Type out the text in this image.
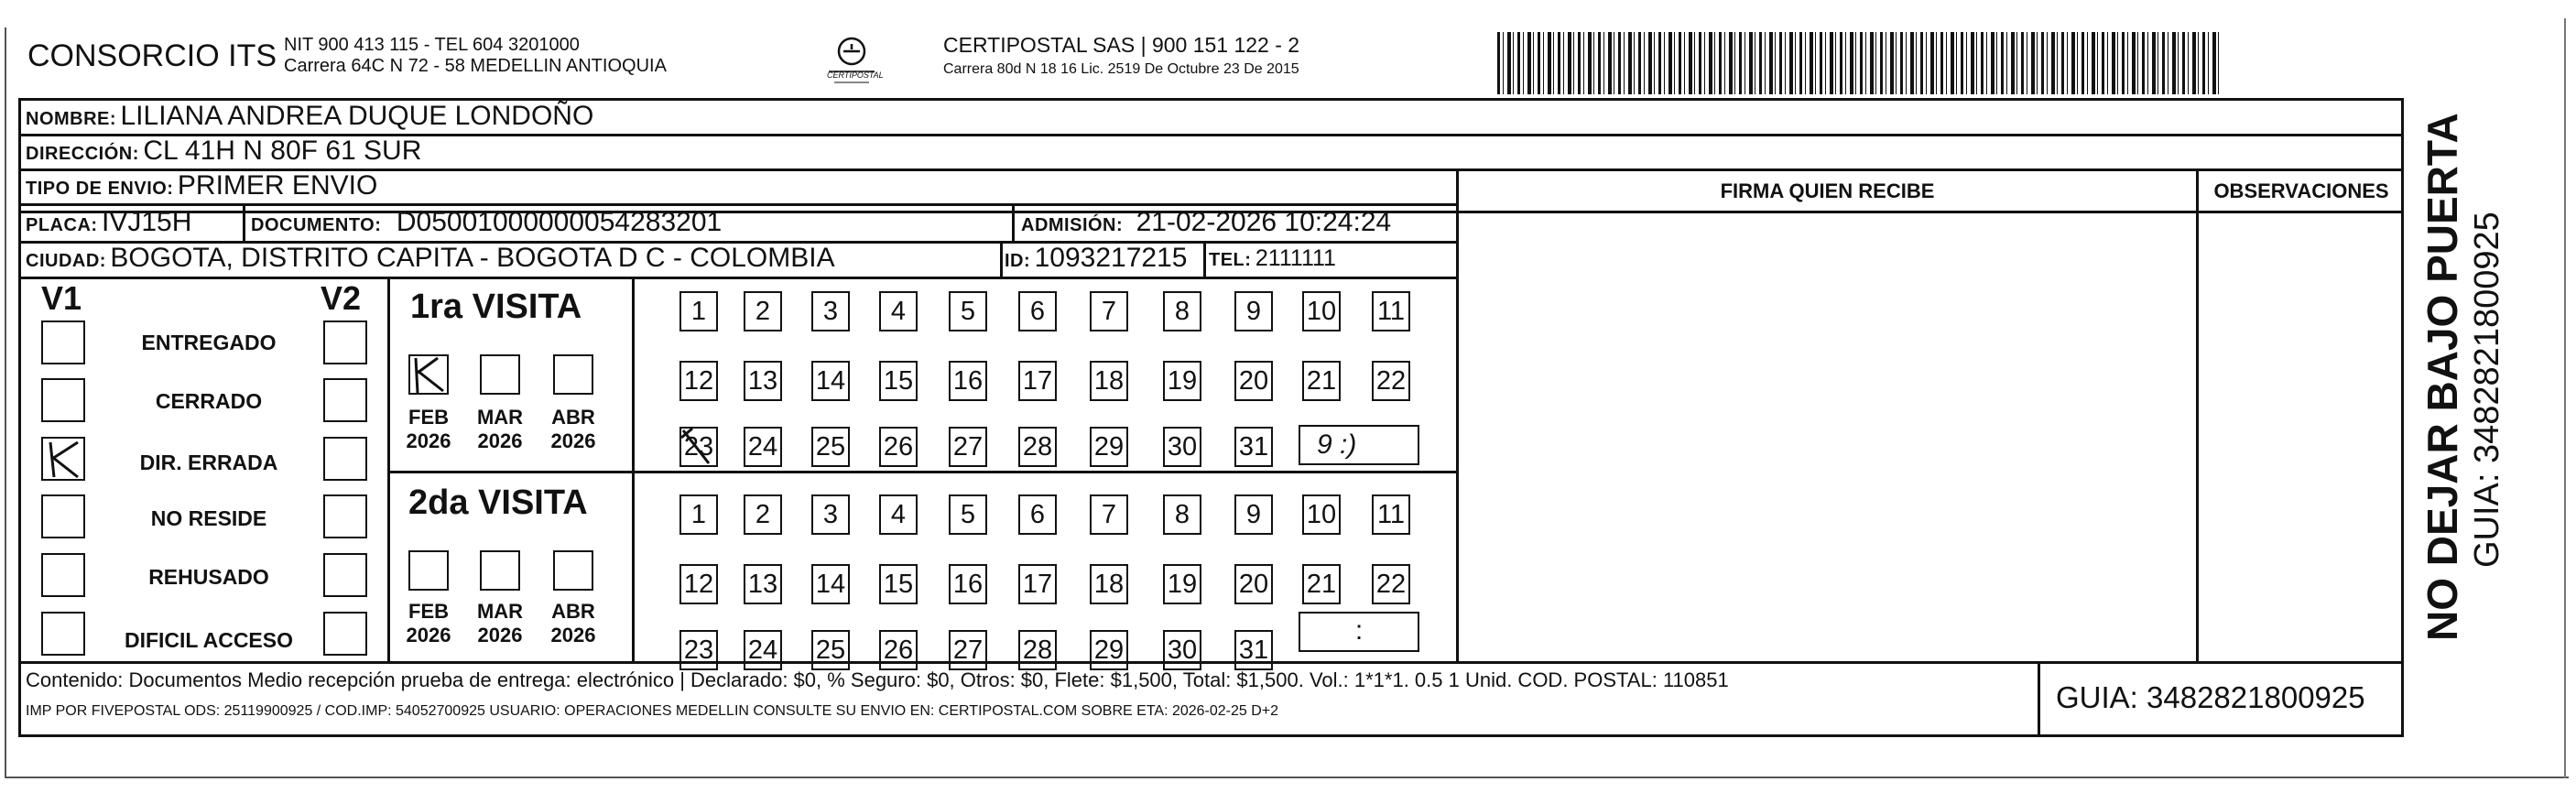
CONSORCIO ITS NIT 900 413 115 - TEL 604 3201000
Carrera 64C N 72 - 58 MEDELLIN ANTIOQUIA	CERTIPOSTAL
CERTIPOSTAL SAS | 900 151 122 - 2
Carrera 80d N 18 16 Lic. 2519 De Octubre 23 De 2015
NOMBRE: LILIANA ANDREA DUQUE LONDOÑO
DIRECCIÓN: CL 41H N 80F 61 SUR
TIPO DE ENVIO: PRIMER ENVIO
PLACA: IVJ15H	DOCUMENTO: D05001000000054283201	ADMISIÓN: 21-02-2026 10:24:24
CIUDAD: BOGOTA, DISTRITO CAPITA - BOGOTA D C - COLOMBIA	ID: 1093217215 TEL: 2111111
FIRMA QUIEN RECIBE	OBSERVACIONES
V1	V2
ENTREGADO
CERRADO
DIR. ERRADA
NO RESIDE
REHUSADO
DIFICIL ACCESO
1ra VISITA
FEB
2026
MAR
2026
ABR
2026
1	2	3	4	5	6	7	8	9	10 11
12 13 14 15 16 17 18 19 20 21 22
23 24 25 26 27 28 29 30 31	9 :)
2da VISITA
FEB
2026
MAR
2026
ABR
2026
1	2	3	4	5	6	7	8	9	10 11
12 13 14 15 16 17 18 19 20 21 22
23 24 25 26 27 28 29 30 31
:
Contenido: Documentos Medio recepción prueba de entrega: electrónico | Declarado: $0, % Seguro: $0, Otros: $0, Flete: $1,500, Total: $1,500. Vol.: 1*1*1. 0.5 1 Unid. COD. POSTAL: 110851
IMP POR FIVEPOSTAL ODS: 25119900925 / COD.IMP: 54052700925 USUARIO: OPERACIONES MEDELLIN CONSULTE SU ENVIO EN: CERTIPOSTAL.COM SOBRE ETA: 2026-02-25 D+2	GUIA: 3482821800925
NO DEJAR BAJO PUERTA GUIA: 3482821800925
